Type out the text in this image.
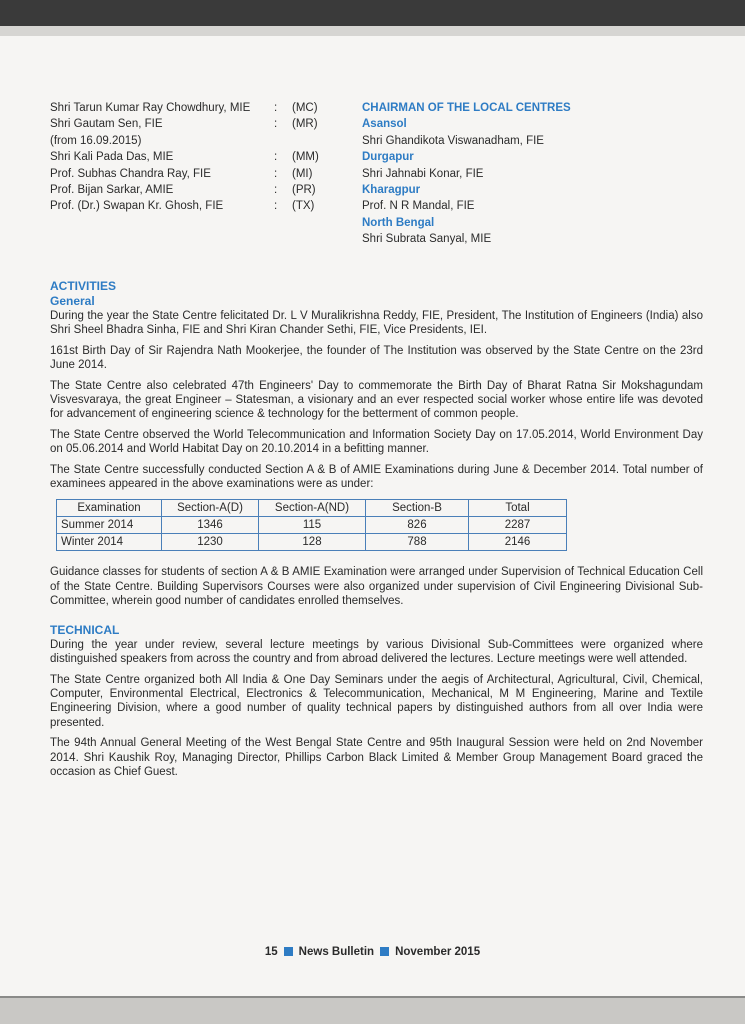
Shri Tarun Kumar Ray Chowdhury, MIE	:	(MC)
Shri Gautam Sen, FIE	:	(MR)
(from 16.09.2015)
Shri Kali Pada Das, MIE	:	(MM)
Prof. Subhas Chandra Ray, FIE	:	(MI)
Prof. Bijan Sarkar, AMIE	:	(PR)
Prof. (Dr.) Swapan Kr. Ghosh, FIE	:	(TX)
CHAIRMAN OF THE LOCAL CENTRES
Asansol
Shri Ghandikota Viswanadham, FIE
Durgapur
Shri Jahnabi Konar, FIE
Kharagpur
Prof. N R Mandal, FIE
North Bengal
Shri Subrata Sanyal, MIE
ACTIVITIES
General

During the year the State Centre felicitated Dr. L V Muralikrishna Reddy, FIE, President, The Institution of Engineers (India) also Shri Sheel Bhadra Sinha, FIE and Shri Kiran Chander Sethi, FIE, Vice Presidents, IEI.

161st Birth Day of Sir Rajendra Nath Mookerjee, the founder of The Institution was observed by the State Centre on the 23rd June 2014.

The State Centre also celebrated 47th Engineers' Day to commemorate the Birth Day of Bharat Ratna Sir Mokshagundam Visvesvaraya, the great Engineer – Statesman, a visionary and an ever respected social worker whose entire life was devoted for advancement of engineering science & technology for the betterment of common people.

The State Centre observed the World Telecommunication and Information Society Day on 17.05.2014, World Environment Day on 05.06.2014 and World Habitat Day on 20.10.2014 in a befitting manner.

The State Centre successfully conducted Section A & B of AMIE Examinations during June & December 2014. Total number of examinees appeared in the above examinations were as under:

Examination	Section-A(D)	Section-A(ND)	Section-B	Total
Summer 2014	1346	115	826	2287
Winter 2014	1230	128	788	2146

Guidance classes for students of section A & B AMIE Examination were arranged under Supervision of Technical Education Cell of the State Centre. Building Supervisors Courses were also organized under supervision of Civil Engineering Divisional Sub-Committee, wherein good number of candidates enrolled themselves.

TECHNICAL

During the year under review, several lecture meetings by various Divisional Sub-Committees were organized where distinguished speakers from across the country and from abroad delivered the lectures. Lecture meetings were well attended.

The State Centre organized both All India & One Day Seminars under the aegis of Architectural, Agricultural, Civil, Chemical, Computer, Environmental Electrical, Electronics & Telecommunication, Mechanical, M M Engineering, Marine and Textile Engineering Division, where a good number of quality technical papers by distinguished authors from all over India were presented.

The 94th Annual General Meeting of the West Bengal State Centre and 95th Inaugural Session were held on 2nd November 2014. Shri Kaushik Roy, Managing Director, Phillips Carbon Black Limited & Member Group Management Board graced the occasion as Chief Guest.

15 News Bulletin November 2015
